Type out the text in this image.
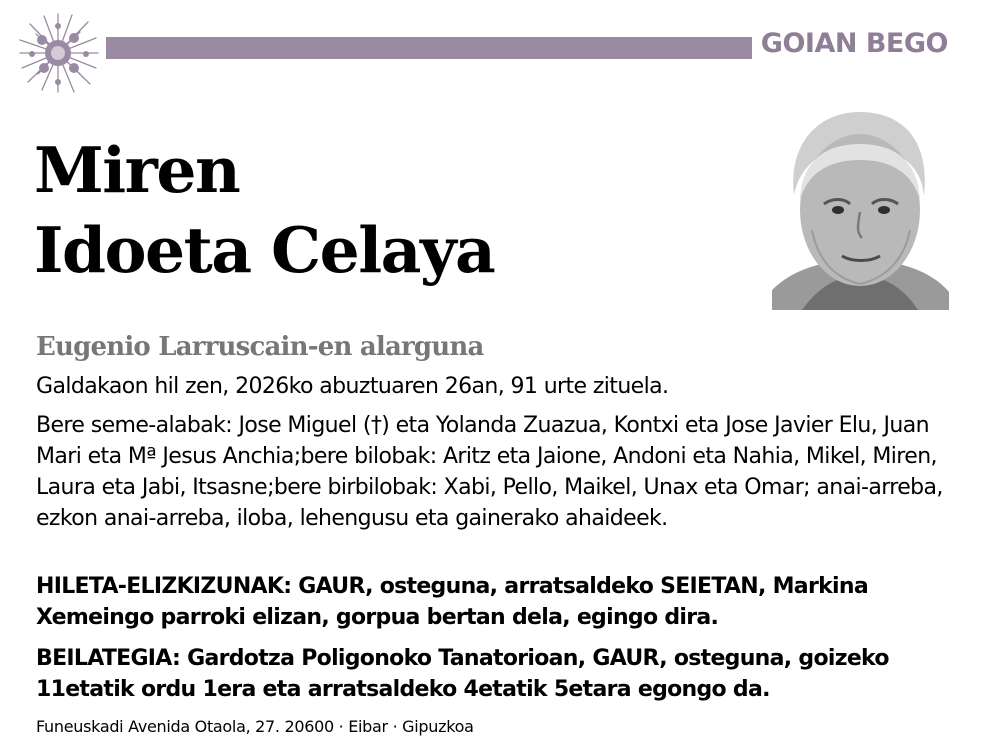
GOIAN BEGO
Miren
Idoeta Celaya
Eugenio Larruscain-en alarguna
Galdakaon hil zen, 2026ko abuztuaren 26an, 91 urte zituela.
Bere seme-alabak: Jose Miguel (†) eta Yolanda Zuazua, Kontxi eta Jose Javier Elu, Juan Mari eta Mª Jesus Anchia;bere bilobak: Aritz eta Jaione, Andoni eta Nahia, Mikel, Miren, Laura eta Jabi, Itsasne;bere birbilobak: Xabi, Pello, Maikel, Unax eta Omar; anai-arreba, ezkon anai-arreba, iloba, lehengusu eta gainerako ahaideek.
HILETA-ELIZKIZUNAK: GAUR, osteguna, arratsaldeko SEIETAN, Markina Xemeingo parroki elizan, gorpua bertan dela, egingo dira.
BEILATEGIA: Gardotza Poligonoko Tanatorioan, GAUR, osteguna, goizeko 11etatik ordu 1era eta arratsaldeko 4etatik 5etara egongo da.
Funeuskadi Avenida Otaola, 27. 20600 · Eibar · Gipuzkoa
